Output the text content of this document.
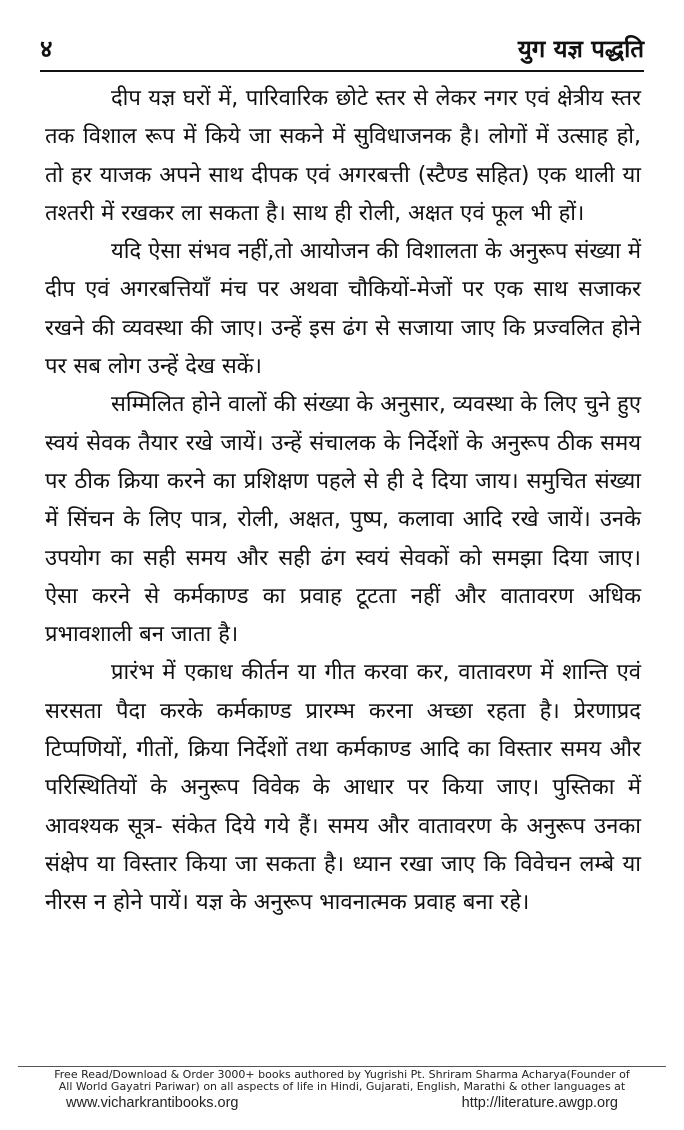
४	युग यज्ञ पद्धति

दीप यज्ञ घरों में, पारिवारिक छोटे स्तर से लेकर नगर एवं क्षेत्रीय स्तर तक विशाल रूप में किये जा सकने में सुविधाजनक है। लोगों में उत्साह हो, तो हर याजक अपने साथ दीपक एवं अगरबत्ती (स्टैण्ड सहित) एक थाली या तश्तरी में रखकर ला सकता है। साथ ही रोली, अक्षत एवं फूल भी हों।

यदि ऐसा संभव नहीं,तो आयोजन की विशालता के अनुरूप संख्या में दीप एवं अगरबत्तियाँ मंच पर अथवा चौकियों-मेजों पर एक साथ सजाकर रखने की व्यवस्था की जाए। उन्हें इस ढंग से सजाया जाए कि प्रज्वलित होने पर सब लोग उन्हें देख सकें।

सम्मिलित होने वालों की संख्या के अनुसार, व्यवस्था के लिए चुने हुए स्वयं सेवक तैयार रखे जायें। उन्हें संचालक के निर्देशों के अनुरूप ठीक समय पर ठीक क्रिया करने का प्रशिक्षण पहले से ही दे दिया जाय। समुचित संख्या में सिंचन के लिए पात्र, रोली, अक्षत, पुष्प, कलावा आदि रखे जायें। उनके उपयोग का सही समय और सही ढंग स्वयं सेवकों को समझा दिया जाए। ऐसा करने से कर्मकाण्ड का प्रवाह टूटता नहीं और वातावरण अधिक प्रभावशाली बन जाता है।

प्रारंभ में एकाध कीर्तन या गीत करवा कर, वातावरण में शान्ति एवं सरसता पैदा करके कर्मकाण्ड प्रारम्भ करना अच्छा रहता है। प्रेरणाप्रद टिप्पणियों, गीतों, क्रिया निर्देशों तथा कर्मकाण्ड आदि का विस्तार समय और परिस्थितियों के अनुरूप विवेक के आधार पर किया जाए। पुस्तिका में आवश्यक सूत्र- संकेत दिये गये हैं। समय और वातावरण के अनुरूप उनका संक्षेप या विस्तार किया जा सकता है। ध्यान रखा जाए कि विवेचन लम्बे या नीरस न होने पायें। यज्ञ के अनुरूप भावनात्मक प्रवाह बना रहे।

Free Read/Download & Order 3000+ books authored by Yugrishi Pt. Shriram Sharma Acharya(Founder of
All World Gayatri Pariwar) on all aspects of life in Hindi, Gujarati, English, Marathi & other languages at
www.vicharkrantibooks.org	http://literature.awgp.org
